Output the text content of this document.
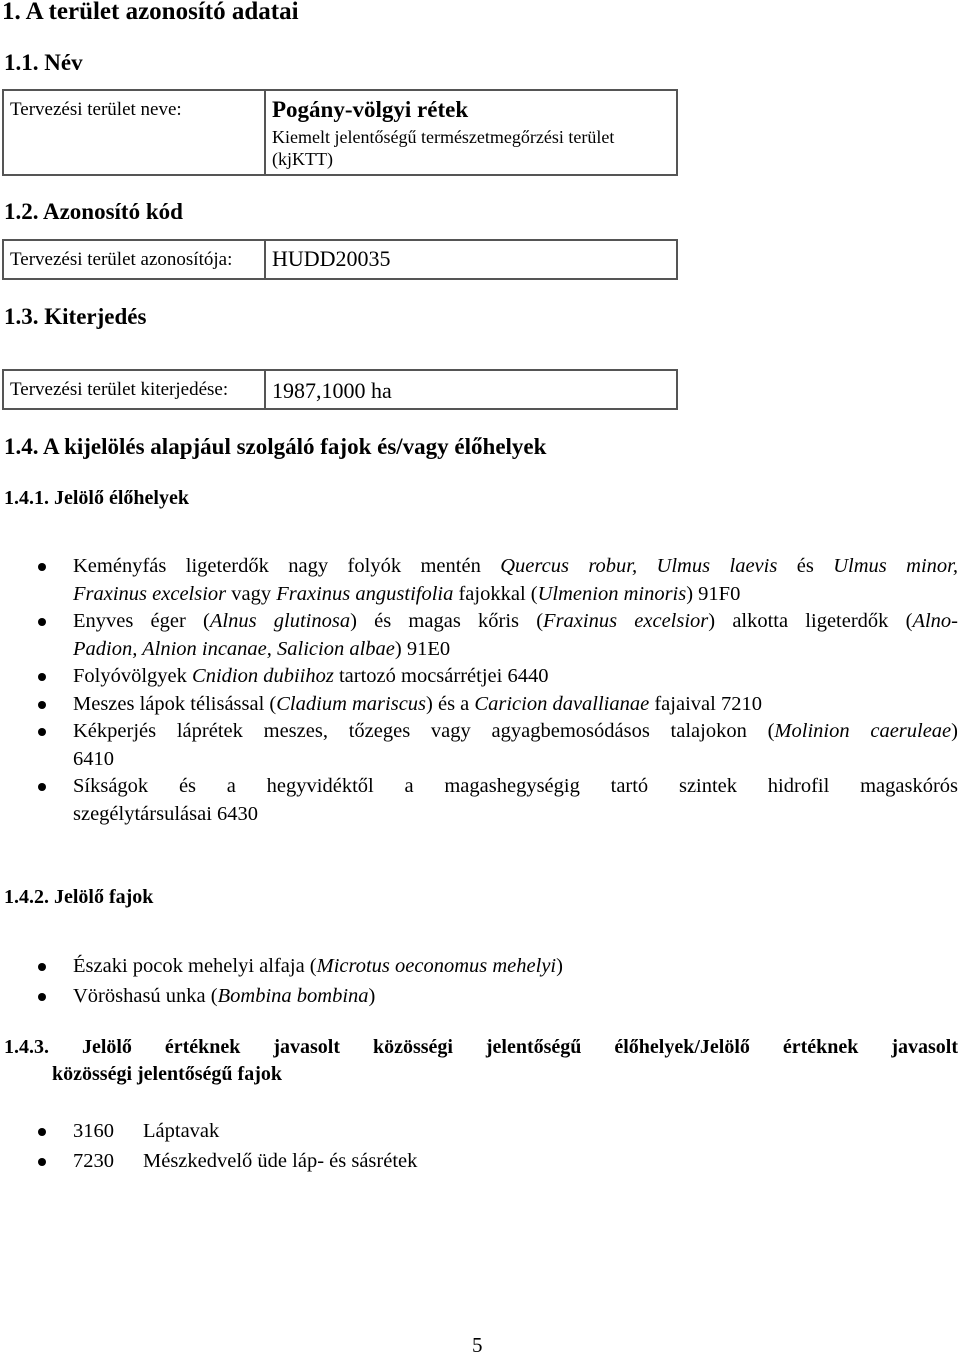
1. A terület azonosító adatai
1.1. Név
Tervezési terület neve:	Pogány-völgyi rétek
Kiemelt jelentőségű természetmegőrzési terület
(kjKTT)
1.2. Azonosító kód
Tervezési terület azonosítója:	HUDD20035
1.3. Kiterjedés
Tervezési terület kiterjedése:	1987,1000 ha
1.4. A kijelölés alapjául szolgáló fajok és/vagy élőhelyek
1.4.1. Jelölő élőhelyek
Keményfás ligeterdők nagy folyók mentén Quercus robur, Ulmus laevis és Ulmus minor,
Fraxinus excelsior vagy Fraxinus angustifolia fajokkal (Ulmenion minoris) 91F0
Enyves éger (Alnus glutinosa) és magas kőris (Fraxinus excelsior) alkotta ligeterdők (Alno-
Padion, Alnion incanae, Salicion albae) 91E0
Folyóvölgyek Cnidion dubiihoz tartozó mocsárrétjei 6440
Meszes lápok télisással (Cladium mariscus) és a Caricion davallianae fajaival 7210
Kékperjés láprétek meszes, tőzeges vagy agyagbemosódásos talajokon (Molinion caeruleae)
6410
Síkságok és a hegyvidéktől a magashegységig tartó szintek hidrofil magaskórós
szegélytársulásai 6430
1.4.2. Jelölő fajok
Északi pocok mehelyi alfaja (Microtus oeconomus mehelyi)
Vöröshasú unka (Bombina bombina)
1.4.3. Jelölő értéknek javasolt közösségi jelentőségű élőhelyek/Jelölő értéknek javasolt
közösségi jelentőségű fajok
3160 Láptavak
7230 Mészkedvelő üde láp- és sásrétek
5
